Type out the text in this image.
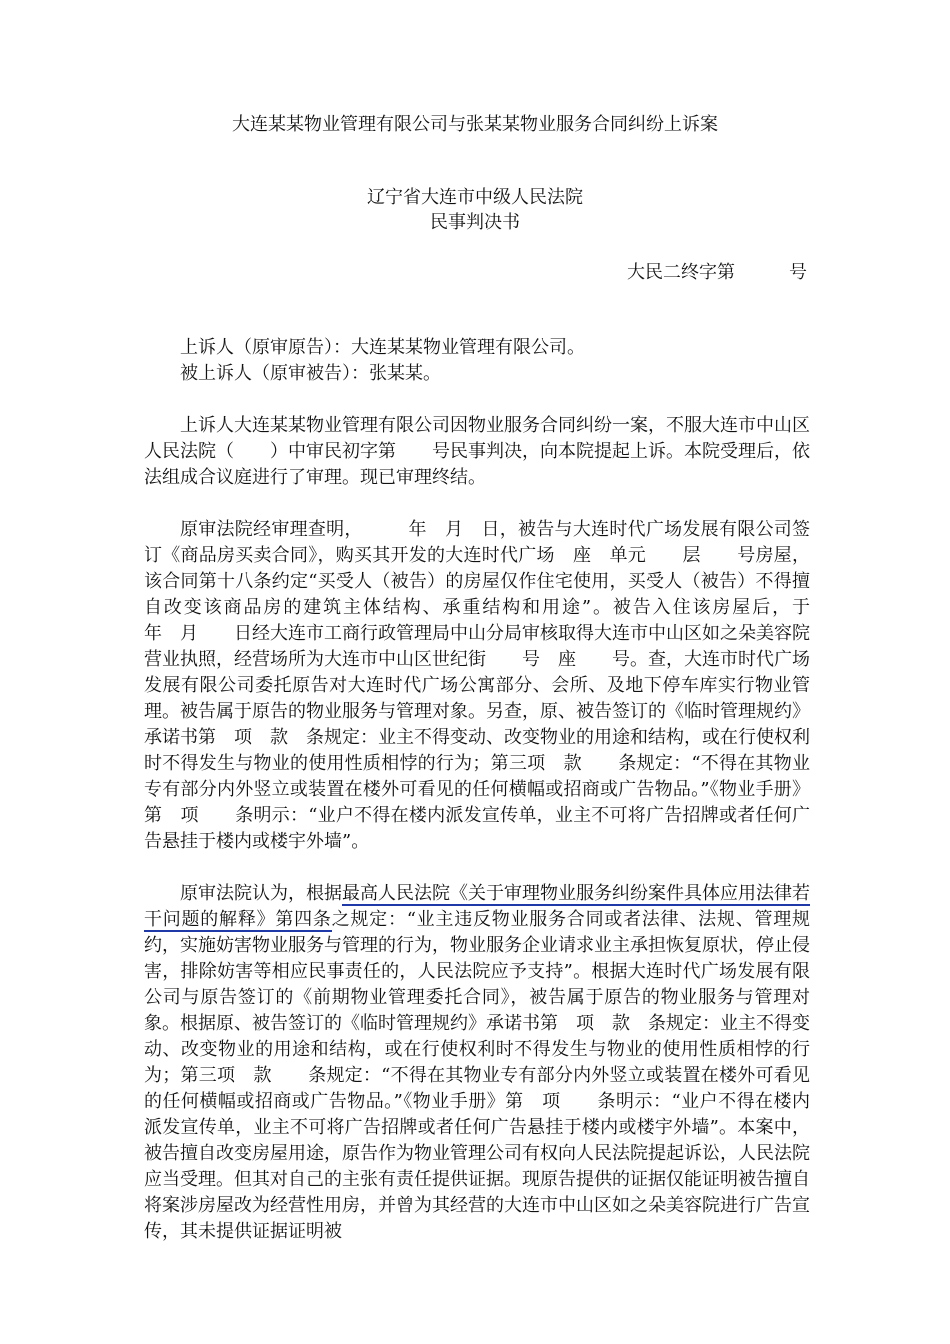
大连某某物业管理有限公司与张某某物业服务合同纠纷上诉案
辽宁省大连市中级人民法院
民事判决书
大民二终字第　　　号

上诉人（原审原告）：大连某某物业管理有限公司。

被上诉人（原审被告）：张某某。

上诉人大连某某物业管理有限公司因物业服务合同纠纷一案，不服大连市中山区人民法院（　　）中审民初字第　　号民事判决，向本院提起上诉。本院受理后，依法组成合议庭进行了审理。现已审理终结。

原审法院经审理查明，　　　年　月　日，被告与大连时代广场发展有限公司签订《商品房买卖合同》，购买其开发的大连时代广场　座　单元　　层　　号房屋，该合同第十八条约定“买受人（被告）的房屋仅作住宅使用，买受人（被告）不得擅自改变该商品房的建筑主体结构、承重结构和用途”。被告入住该房屋后，于　　　年　月　　日经大连市工商行政管理局中山分局审核取得大连市中山区如之朵美容院营业执照，经营场所为大连市中山区世纪街　　号　座　　号。查，大连市时代广场发展有限公司委托原告对大连时代广场公寓部分、会所、及地下停车库实行物业管理。被告属于原告的物业服务与管理对象。另查，原、被告签订的《临时管理规约》承诺书第　项　款　条规定：业主不得变动、改变物业的用途和结构，或在行使权利时不得发生与物业的使用性质相悖的行为；第三项　款　　条规定：“不得在其物业专有部分内外竖立或装置在楼外可看见的任何横幅或招商或广告物品。”《物业手册》第　项　　条明示：“业户不得在楼内派发宣传单，业主不可将广告招牌或者任何广告悬挂于楼内或楼宇外墙”。

原审法院认为，根据最高人民法院《关于审理物业服务纠纷案件具体应用法律若干问题的解释》第四条之规定：“业主违反物业服务合同或者法律、法规、管理规约，实施妨害物业服务与管理的行为，物业服务企业请求业主承担恢复原状，停止侵害，排除妨害等相应民事责任的，人民法院应予支持”。根据大连时代广场发展有限公司与原告签订的《前期物业管理委托合同》，被告属于原告的物业服务与管理对象。根据原、被告签订的《临时管理规约》承诺书第　项　款　条规定：业主不得变动、改变物业的用途和结构，或在行使权利时不得发生与物业的使用性质相悖的行为；第三项　款　　条规定：“不得在其物业专有部分内外竖立或装置在楼外可看见的任何横幅或招商或广告物品。”《物业手册》第　项　　条明示：“业户不得在楼内派发宣传单，业主不可将广告招牌或者任何广告悬挂于楼内或楼宇外墙”。本案中，被告擅自改变房屋用途，原告作为物业管理公司有权向人民法院提起诉讼，人民法院应当受理。但其对自己的主张有责任提供证据。现原告提供的证据仅能证明被告擅自将案涉房屋改为经营性用房，并曾为其经营的大连市中山区如之朵美容院进行广告宣传，其未提供证据证明被
